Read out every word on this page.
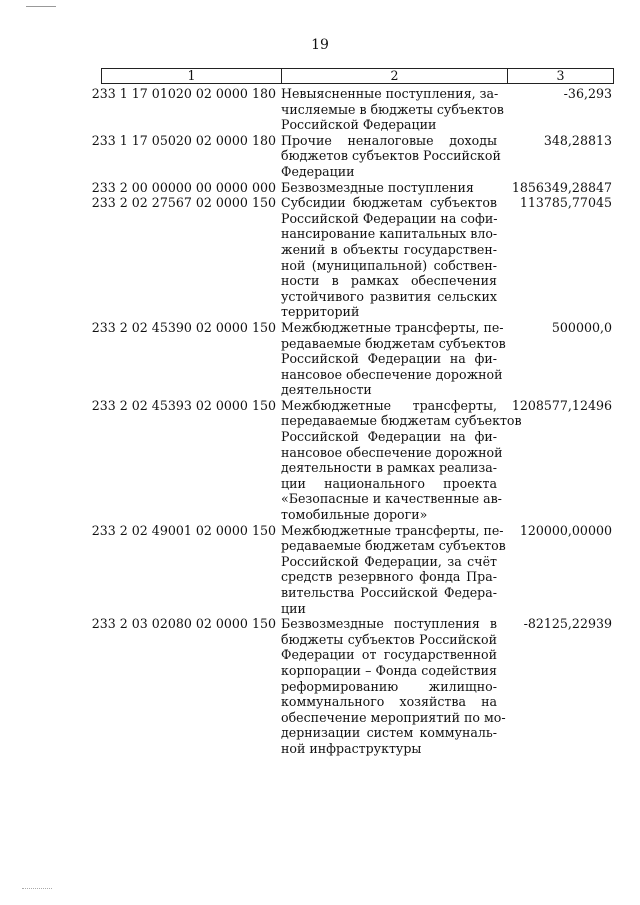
19
1	2	3
233 1 17 01020 02 0000 180 Невыясненные поступления, за-
числяемые в бюджеты субъектов
Российской Федерации
-36,293
233 1 17 05020 02 0000 180 Прочие неналоговые доходы
бюджетов субъектов Российской
Федерации
348,28813
233 2 00 00000 00 0000 000 Безвозмездные поступления	1856349,28847
233 2 02 27567 02 0000 150 Субсидии бюджетам субъектов
Российской Федерации на софи-
нансирование капитальных вло-
жений в объекты государствен-
ной (муниципальной) собствен-
ности в рамках обеспечения
устойчивого развития сельских
территорий
113785,77045
233 2 02 45390 02 0000 150 Межбюджетные трансферты, пе-
редаваемые бюджетам субъектов
Российской Федерации на фи-
нансовое обеспечение дорожной
деятельности
500000,0
233 2 02 45393 02 0000 150 Межбюджетные трансферты,
передаваемые бюджетам субъектов
Российской Федерации на фи-
нансовое обеспечение дорожной
деятельности в рамках реализа-
ции национального проекта
«Безопасные и качественные ав-
томобильные дороги»
1208577,12496
233 2 02 49001 02 0000 150 Межбюджетные трансферты, пе-
редаваемые бюджетам субъектов
Российской Федерации, за счёт
средств резервного фонда Пра-
вительства Российской Федера-
ции
120000,00000
233 2 03 02080 02 0000 150 Безвозмездные поступления в
бюджеты субъектов Российской
Федерации от государственной
корпорации – Фонда содействия
реформированию жилищно-
коммунального хозяйства на
обеспечение мероприятий по мо-
дернизации систем коммуналь-
ной инфраструктуры
-82125,22939
